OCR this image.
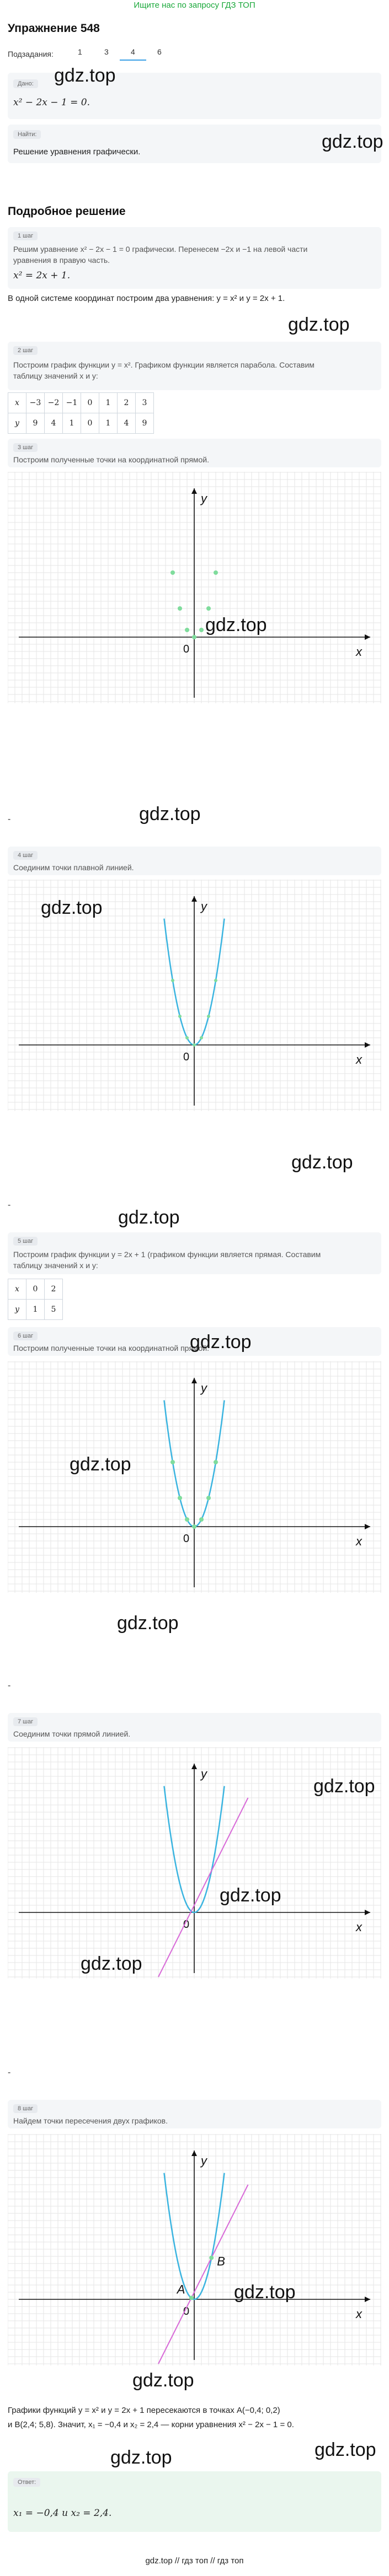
Ищите нас по запросу ГДЗ ТОП
Упражнение 548
Подзадания:	1	3	4	6
Дано:
x² − 2x − 1 = 0.
gdz.top
Найти:
Решение уравнения графически.	gdz.top
Подробное решение
1 шаг
Решим уравнение x² − 2x − 1 = 0 графически. Перенесем −2x и −1 на левой части
уравнения в правую часть.
x² = 2x + 1.
В одной системе координат построим два уравнения: y = x² и y = 2x + 1.
gdz.top
2 шаг
Построим график функции y = x². Графиком функции является парабола. Составим
таблицу значений x и y:
x	−3	−2	−1	0	1	2	3
y	9	4	1	0	1	4	9
3 шаг
Построим полученные точки на координатной прямой.
x
y
0
-
4 шаг
Соединим точки плавной линией.
x
y
0
-
5 шаг
Построим график функции y = 2x + 1 (графиком функции является прямая. Составим
таблицу значений x и y:
x	0	2
y	1	5
6 шаг
Построим полученные точки на координатной прямой.
x
y
0
-
7 шаг
Соединим точки прямой линией.
x
y
0
-
8 шаг
Найдем точки пересечения двух графиков.
x
y
0
A
B
Графики функций y = x² и y = 2x + 1 пересекаются в точках A(−0,4; 0,2)
и B(2,4; 5,8). Значит, x₁ = −0,4 и x₂ = 2,4 — корни уравнения x² − 2x − 1 = 0.
Ответ:
x₁ = −0,4 и x₂ = 2,4.
gdz.top
gdz.top
gdz.top
gdz.top
gdz.top
gdz.top
gdz.top
gdz.top
gdz.top
gdz.top
gdz.top
gdz.top
gdz.top
gdz.top
gdz.top
gdz.top // гдз топ // гдз топ
